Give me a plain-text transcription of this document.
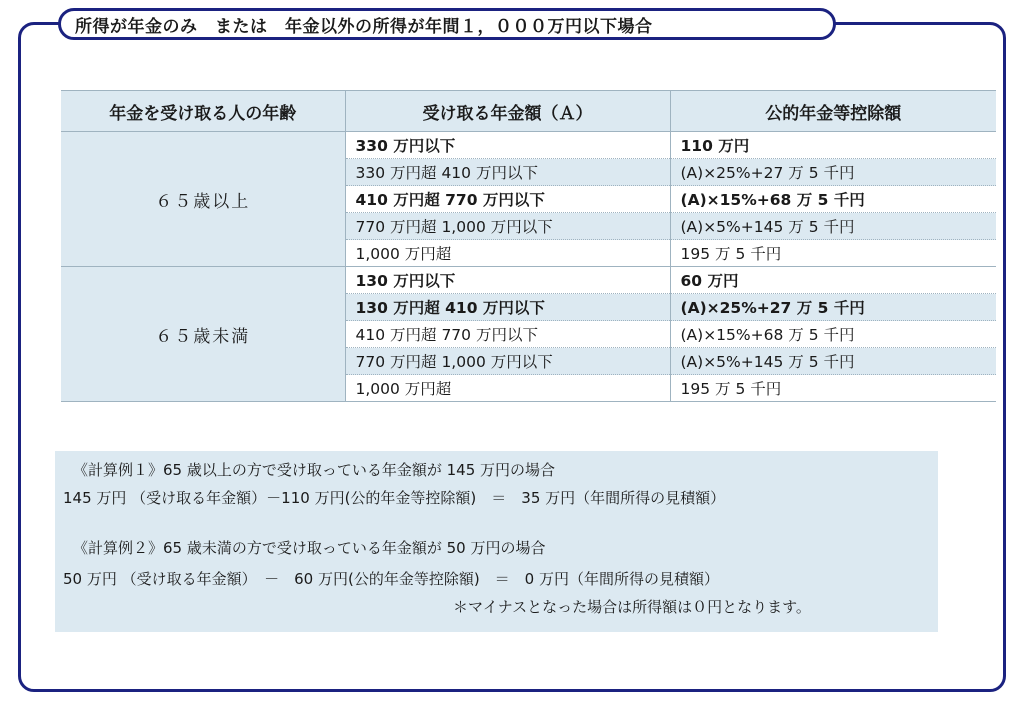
所得が年金のみ　または　年金以外の所得が年間１，０００万円以下場合
年金を受け取る人の年齢	受け取る年金額（Ａ）	公的年金等控除額
６５歳以上	330 万円以下	110 万円
	330 万円超 410 万円以下	(A)×25%+27 万 5 千円
	410 万円超 770 万円以下	(A)×15%+68 万 5 千円
	770 万円超 1,000 万円以下	(A)×5%+145 万 5 千円
	1,000 万円超	195 万 5 千円
６５歳未満	130 万円以下	60 万円
	130 万円超 410 万円以下	(A)×25%+27 万 5 千円
	410 万円超 770 万円以下	(A)×15%+68 万 5 千円
	770 万円超 1,000 万円以下	(A)×5%+145 万 5 千円
	1,000 万円超	195 万 5 千円
《計算例１》65 歳以上の方で受け取っている年金額が 145 万円の場合
145 万円 （受け取る年金額）－110 万円(公的年金等控除額)　＝　35 万円（年間所得の見積額）
《計算例２》65 歳未満の方で受け取っている年金額が 50 万円の場合
50 万円 （受け取る年金額）　－　60 万円(公的年金等控除額)　＝　0 万円（年間所得の見積額）
＊マイナスとなった場合は所得額は０円となります。
